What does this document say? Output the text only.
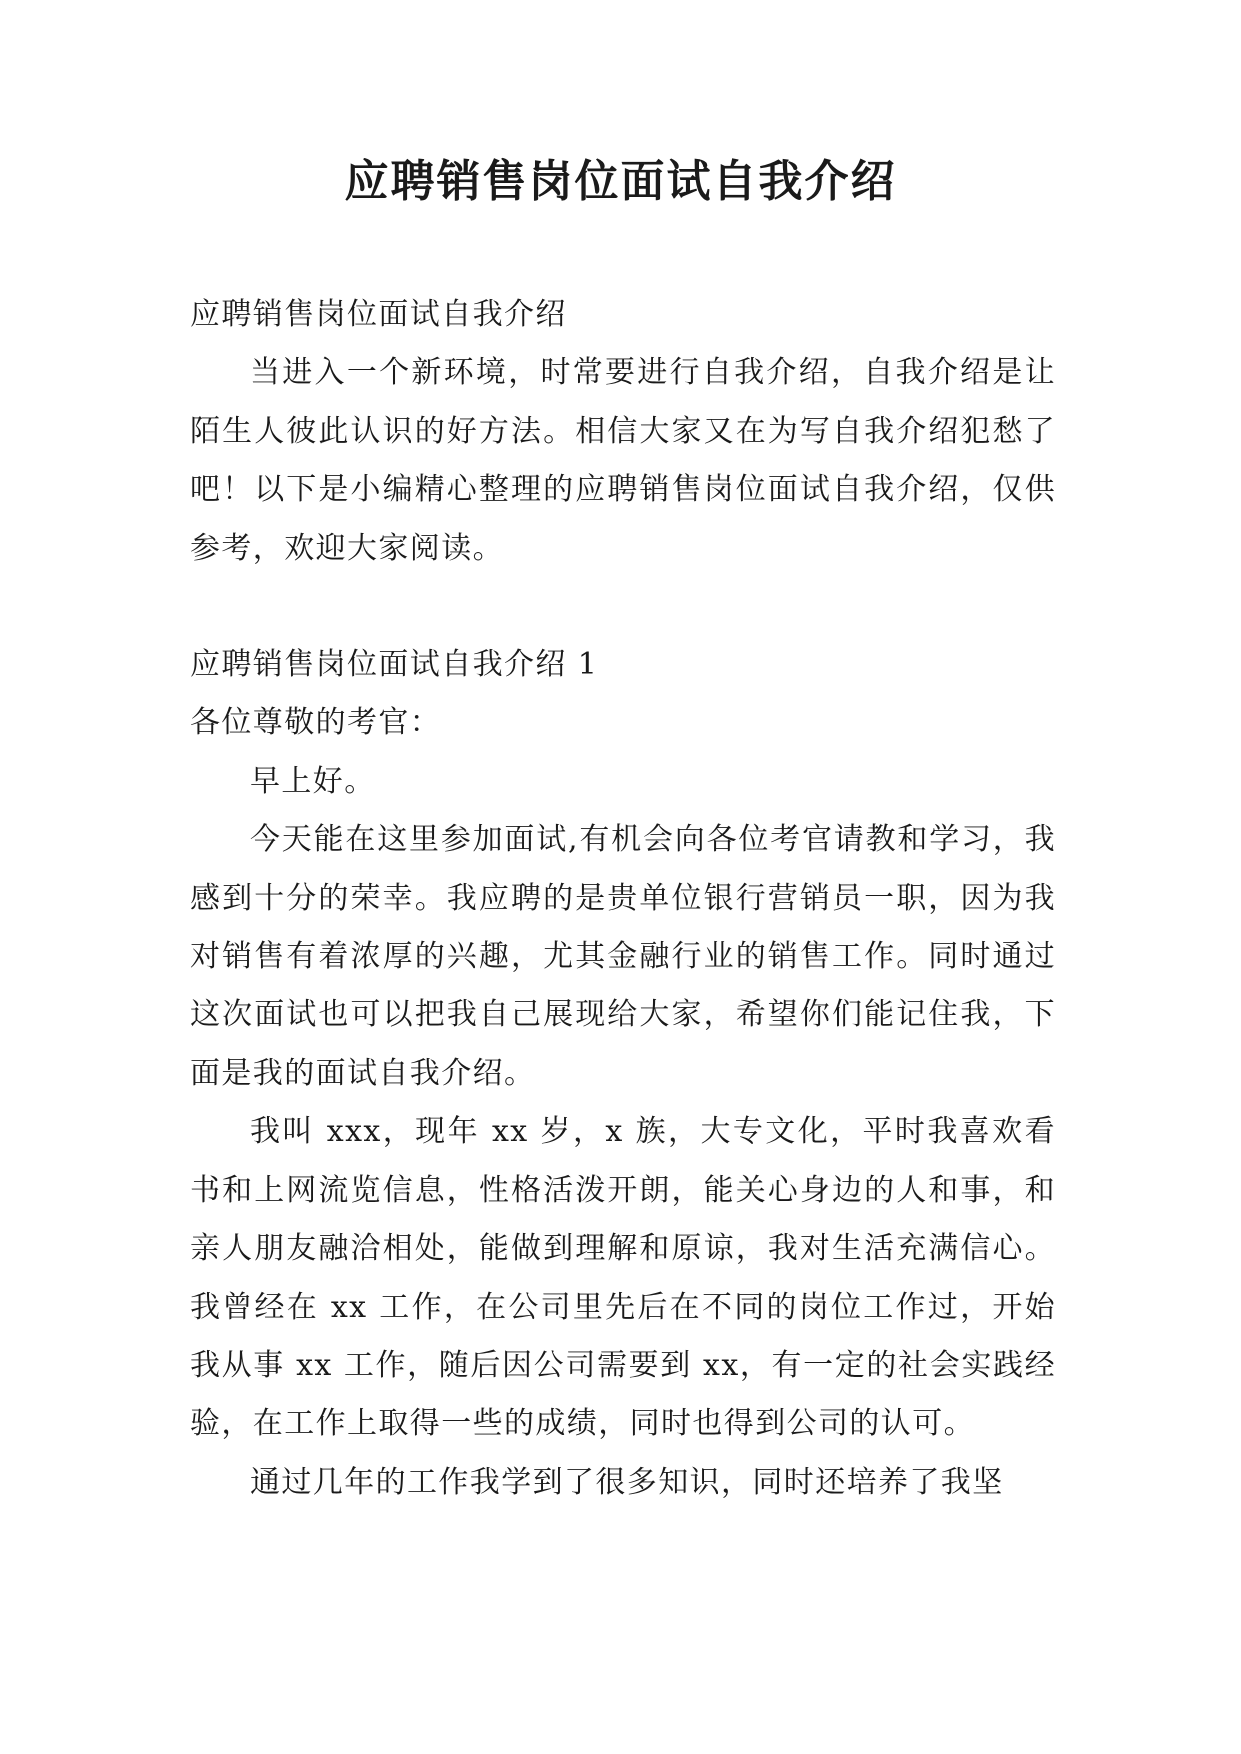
应聘销售岗位面试自我介绍

应聘销售岗位面试自我介绍

当进入一个新环境，时常要进行自我介绍，自我介绍是让陌生人彼此认识的好方法。相信大家又在为写自我介绍犯愁了吧！以下是小编精心整理的应聘销售岗位面试自我介绍，仅供参考，欢迎大家阅读。

应聘销售岗位面试自我介绍 1

各位尊敬的考官：

早上好。

今天能在这里参加面试,有机会向各位考官请教和学习，我感到十分的荣幸。我应聘的是贵单位银行营销员一职，因为我对销售有着浓厚的兴趣，尤其金融行业的销售工作。同时通过这次面试也可以把我自己展现给大家，希望你们能记住我，下面是我的面试自我介绍。

我叫 xxx，现年 xx 岁，x 族，大专文化，平时我喜欢看书和上网流览信息，性格活泼开朗，能关心身边的人和事，和亲人朋友融洽相处，能做到理解和原谅，我对生活充满信心。我曾经在 xx 工作，在公司里先后在不同的岗位工作过，开始我从事 xx 工作，随后因公司需要到 xx，有一定的社会实践经验，在工作上取得一些的成绩，同时也得到公司的认可。

通过几年的工作我学到了很多知识，同时还培养了我坚
